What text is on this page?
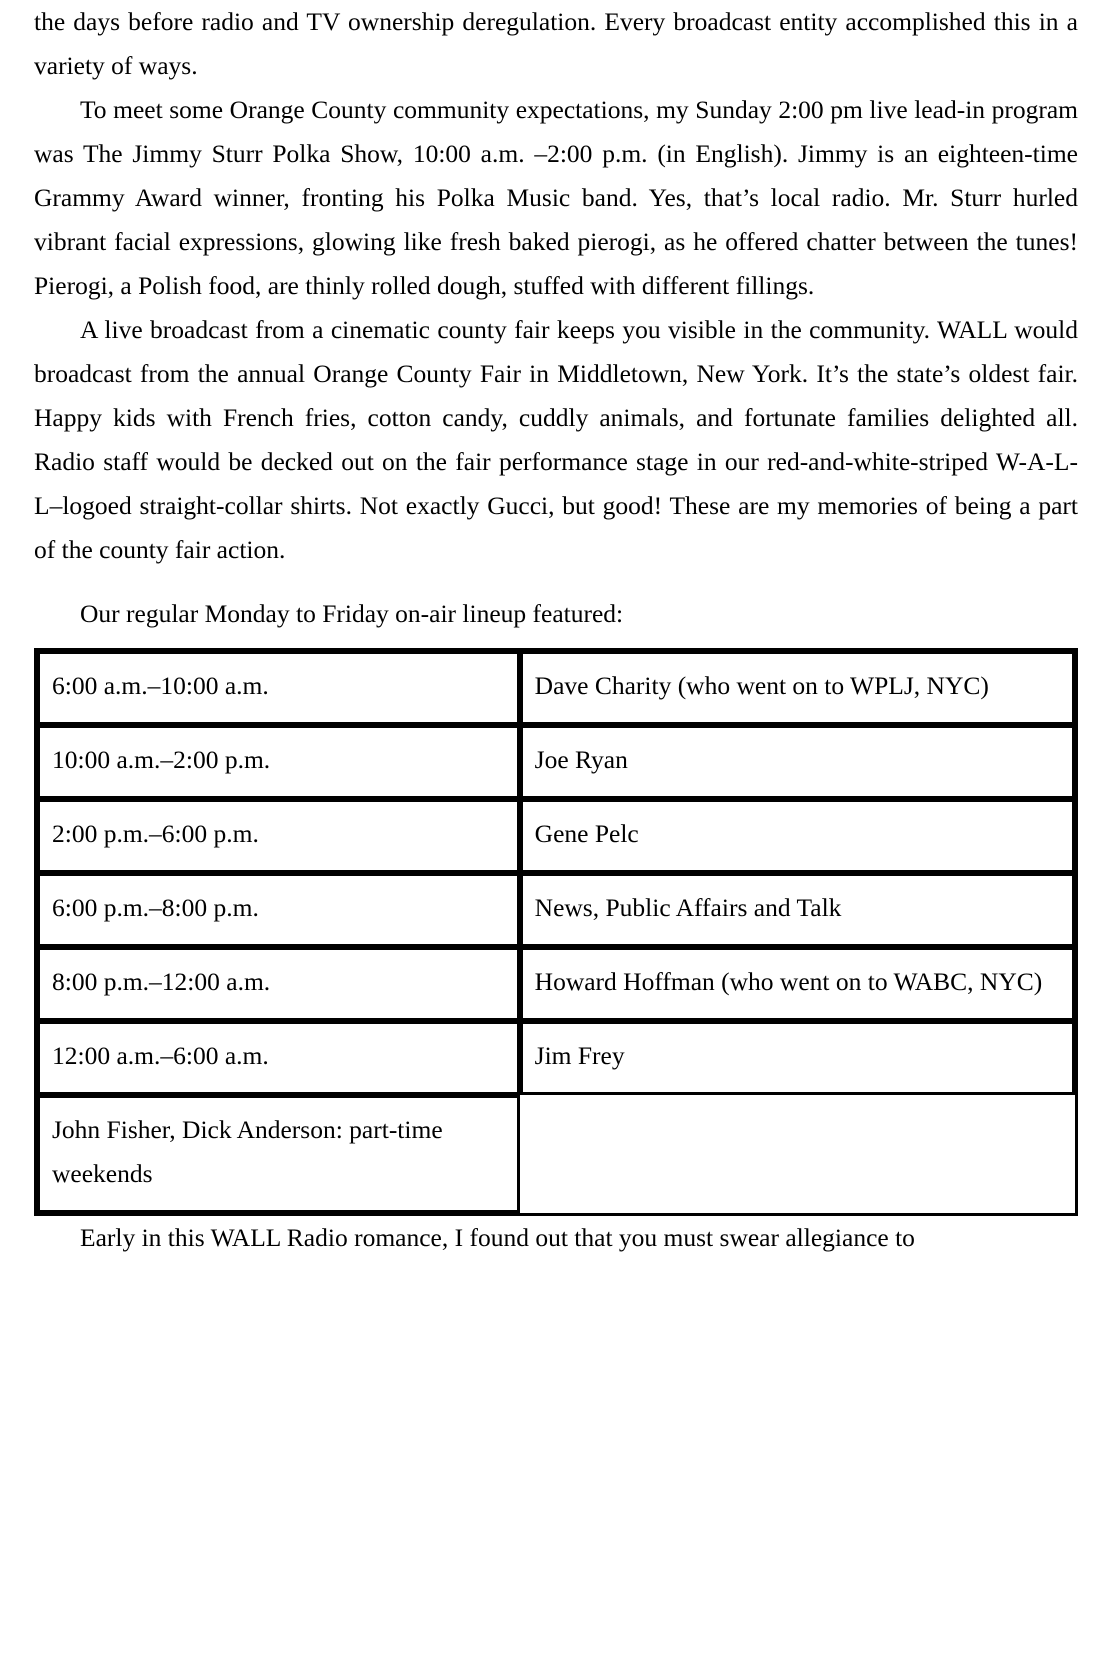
the days before radio and TV ownership deregulation. Every broadcast entity accomplished this in a variety of ways.

To meet some Orange County community expectations, my Sunday 2:00 pm live lead-in program was The Jimmy Sturr Polka Show, 10:00 a.m. –2:00 p.m. (in English). Jimmy is an eighteen-time Grammy Award winner, fronting his Polka Music band. Yes, that’s local radio. Mr. Sturr hurled vibrant facial expressions, glowing like fresh baked pierogi, as he offered chatter between the tunes! Pierogi, a Polish food, are thinly rolled dough, stuffed with different fillings.

A live broadcast from a cinematic county fair keeps you visible in the community. WALL would broadcast from the annual Orange County Fair in Middletown, New York. It’s the state’s oldest fair. Happy kids with French fries, cotton candy, cuddly animals, and fortunate families delighted all. Radio staff would be decked out on the fair performance stage in our red-and-white-striped W-A-L-L–logoed straight-collar shirts. Not exactly Gucci, but good! These are my memories of being a part of the county fair action.

Our regular Monday to Friday on-air lineup featured:

6:00 a.m.–10:00 a.m.	Dave Charity (who went on to WPLJ, NYC)
10:00 a.m.–2:00 p.m.	Joe Ryan
2:00 p.m.–6:00 p.m.	Gene Pelc
6:00 p.m.–8:00 p.m.	News, Public Affairs and Talk
8:00 p.m.–12:00 a.m.	Howard Hoffman (who went on to WABC, NYC)
12:00 a.m.–6:00 a.m.	Jim Frey
John Fisher, Dick Anderson: part-time weekends	

Early in this WALL Radio romance, I found out that you must swear allegiance to
